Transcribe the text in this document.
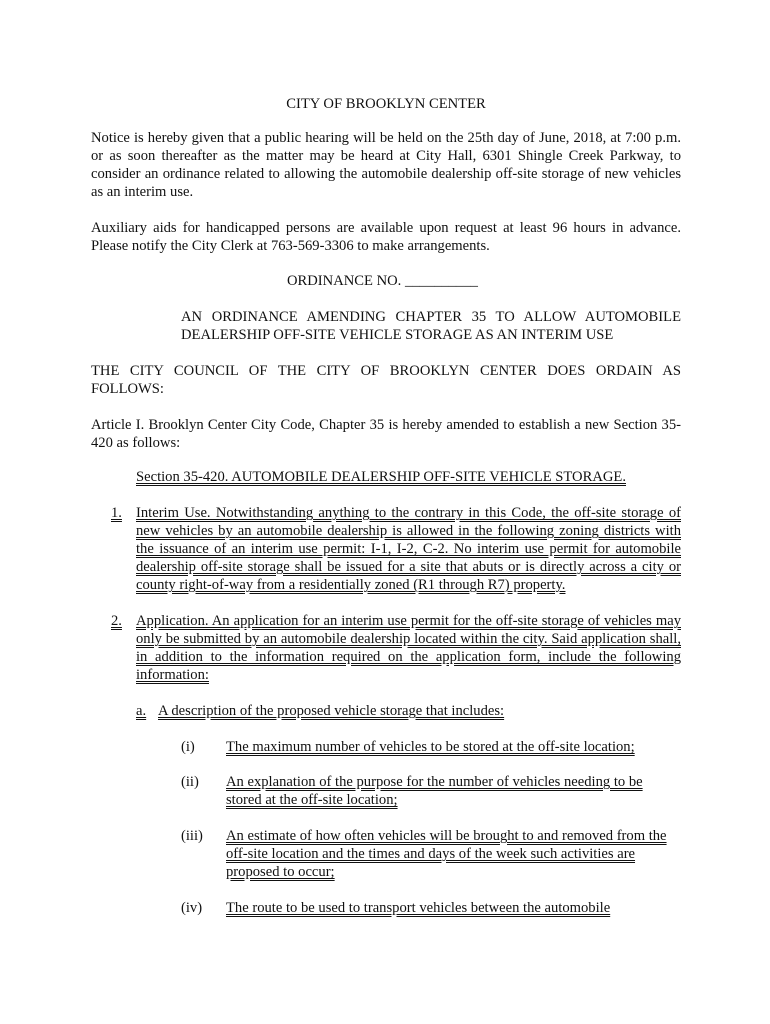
CITY OF BROOKLYN CENTER
Notice is hereby given that a public hearing will be held on the 25th day of June, 2018, at 7:00 p.m. or as soon thereafter as the matter may be heard at City Hall, 6301 Shingle Creek Parkway, to consider an ordinance related to allowing the automobile dealership off-site storage of new vehicles as an interim use.
Auxiliary aids for handicapped persons are available upon request at least 96 hours in advance. Please notify the City Clerk at 763-569-3306 to make arrangements.
ORDINANCE NO. __________
AN ORDINANCE AMENDING CHAPTER 35 TO ALLOW AUTOMOBILE DEALERSHIP OFF-SITE VEHICLE STORAGE AS AN INTERIM USE
THE CITY COUNCIL OF THE CITY OF BROOKLYN CENTER DOES ORDAIN AS FOLLOWS:
Article I. Brooklyn Center City Code, Chapter 35 is hereby amended to establish a new Section 35-420 as follows:
Section 35-420. AUTOMOBILE DEALERSHIP OFF-SITE VEHICLE STORAGE.
1. Interim Use. Notwithstanding anything to the contrary in this Code, the off-site storage of new vehicles by an automobile dealership is allowed in the following zoning districts with the issuance of an interim use permit: I-1, I-2, C-2. No interim use permit for automobile dealership off-site storage shall be issued for a site that abuts or is directly across a city or county right-of-way from a residentially zoned (R1 through R7) property.
2. Application. An application for an interim use permit for the off-site storage of vehicles may only be submitted by an automobile dealership located within the city. Said application shall, in addition to the information required on the application form, include the following information:
a. A description of the proposed vehicle storage that includes:
(i) The maximum number of vehicles to be stored at the off-site location;
(ii) An explanation of the purpose for the number of vehicles needing to be stored at the off-site location;
(iii) An estimate of how often vehicles will be brought to and removed from the off-site location and the times and days of the week such activities are proposed to occur;
(iv) The route to be used to transport vehicles between the automobile
